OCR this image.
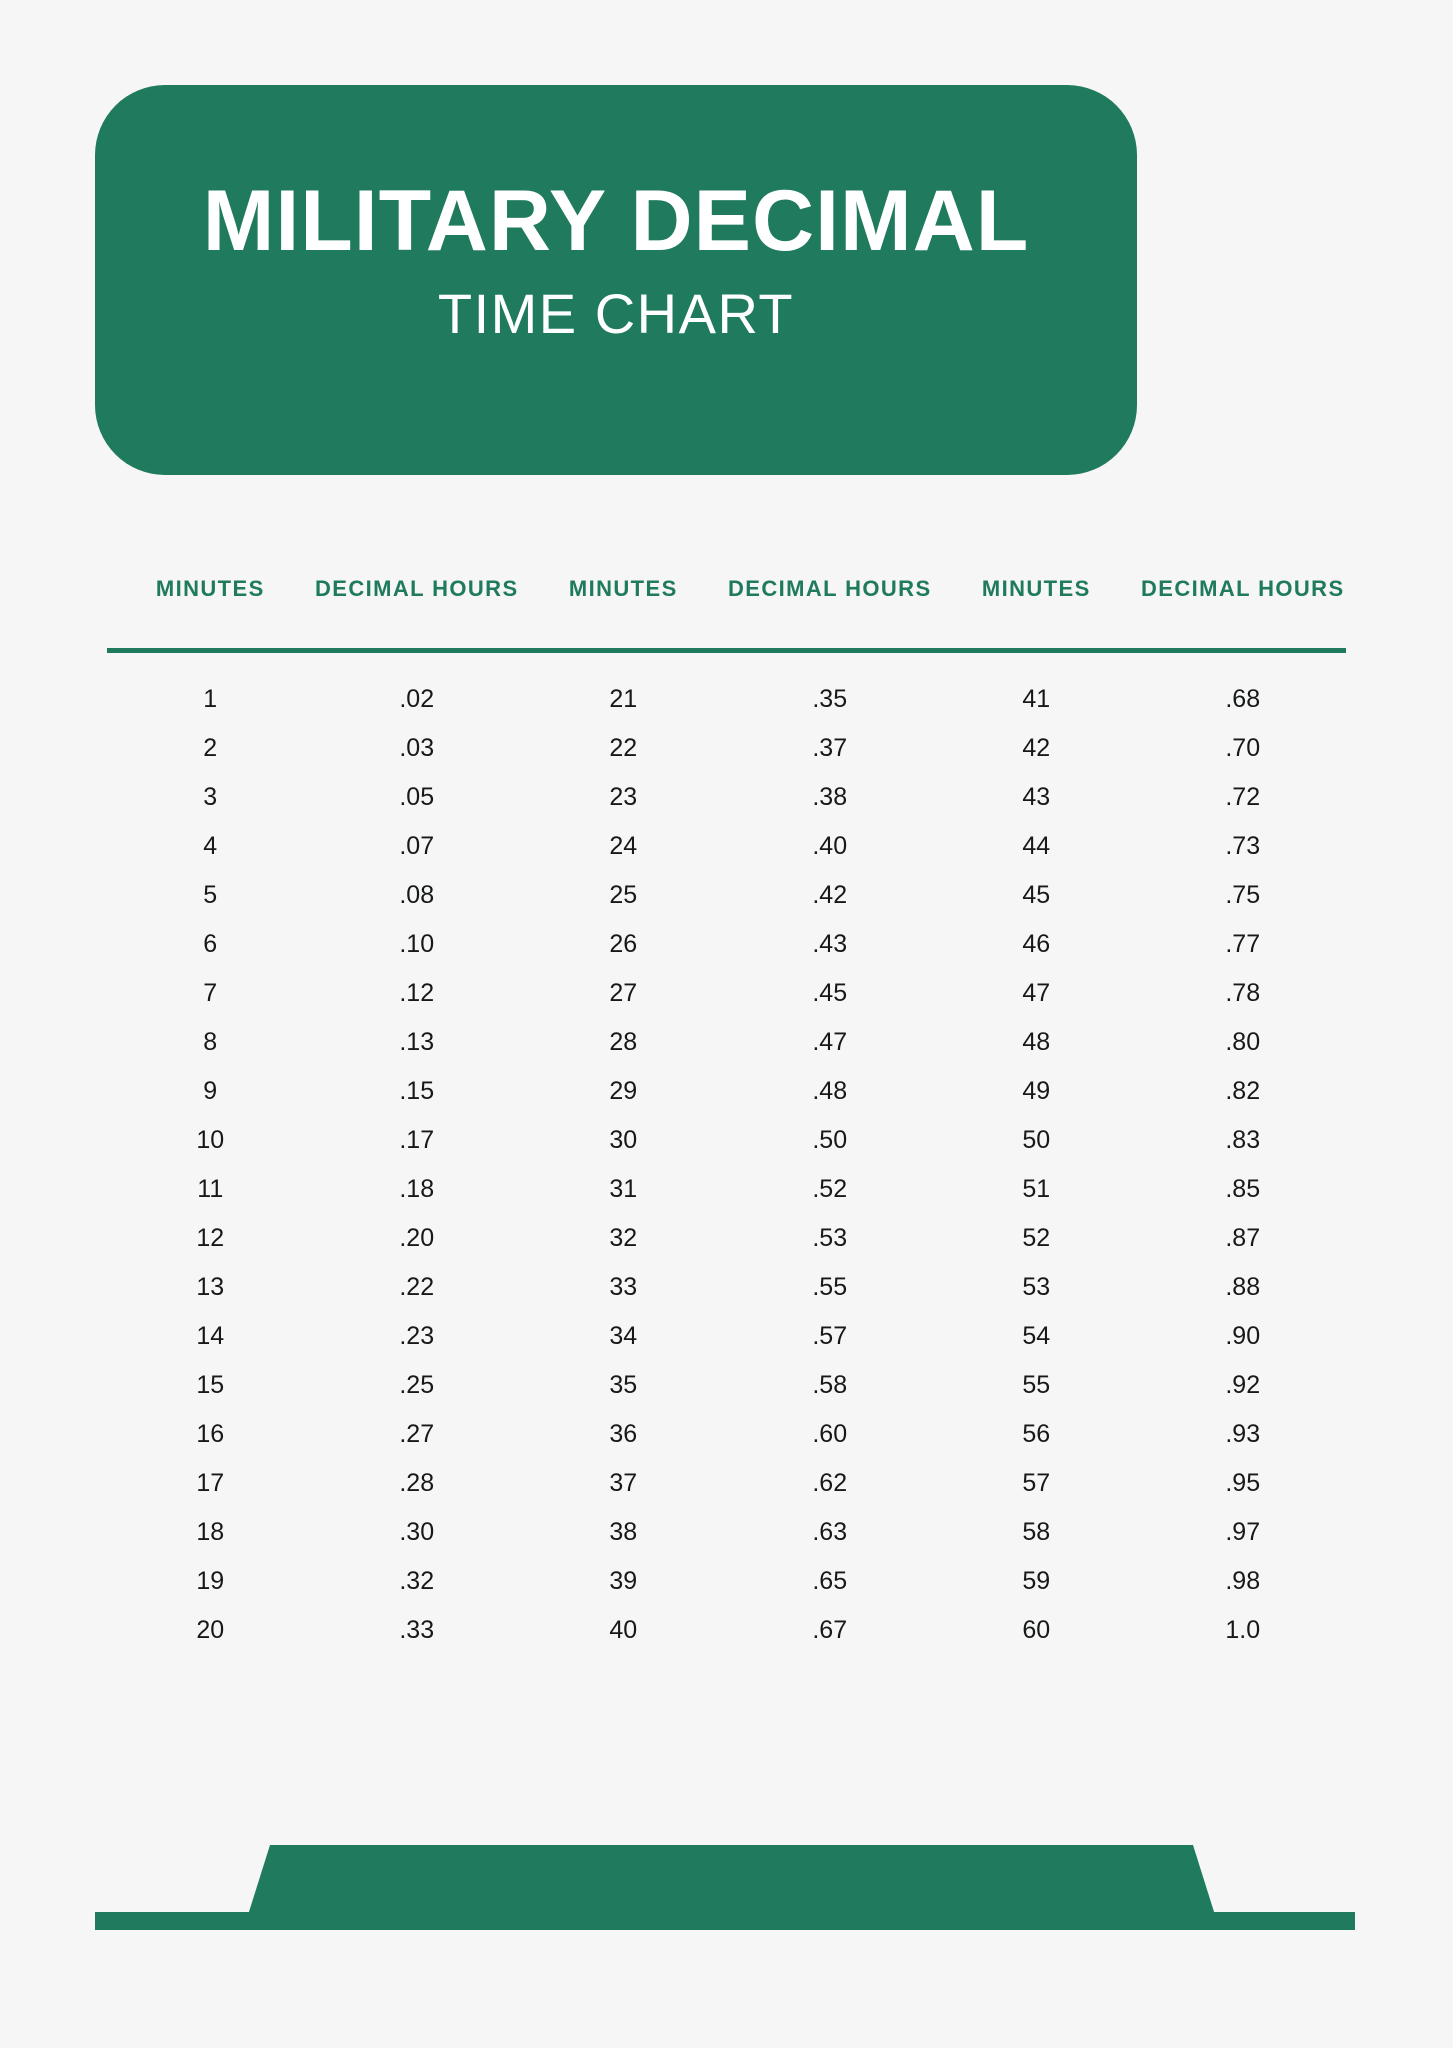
MILITARY DECIMAL
TIME CHART
MINUTES	DECIMAL HOURS	MINUTES	DECIMAL HOURS	MINUTES	DECIMAL HOURS

1	.02	21	.35	41	.68
2	.03	22	.37	42	.70
3	.05	23	.38	43	.72
4	.07	24	.40	44	.73
5	.08	25	.42	45	.75
6	.10	26	.43	46	.77
7	.12	27	.45	47	.78
8	.13	28	.47	48	.80
9	.15	29	.48	49	.82
10	.17	30	.50	50	.83
11	.18	31	.52	51	.85
12	.20	32	.53	52	.87
13	.22	33	.55	53	.88
14	.23	34	.57	54	.90
15	.25	35	.58	55	.92
16	.27	36	.60	56	.93
17	.28	37	.62	57	.95
18	.30	38	.63	58	.97
19	.32	39	.65	59	.98
20	.33	40	.67	60	1.0
